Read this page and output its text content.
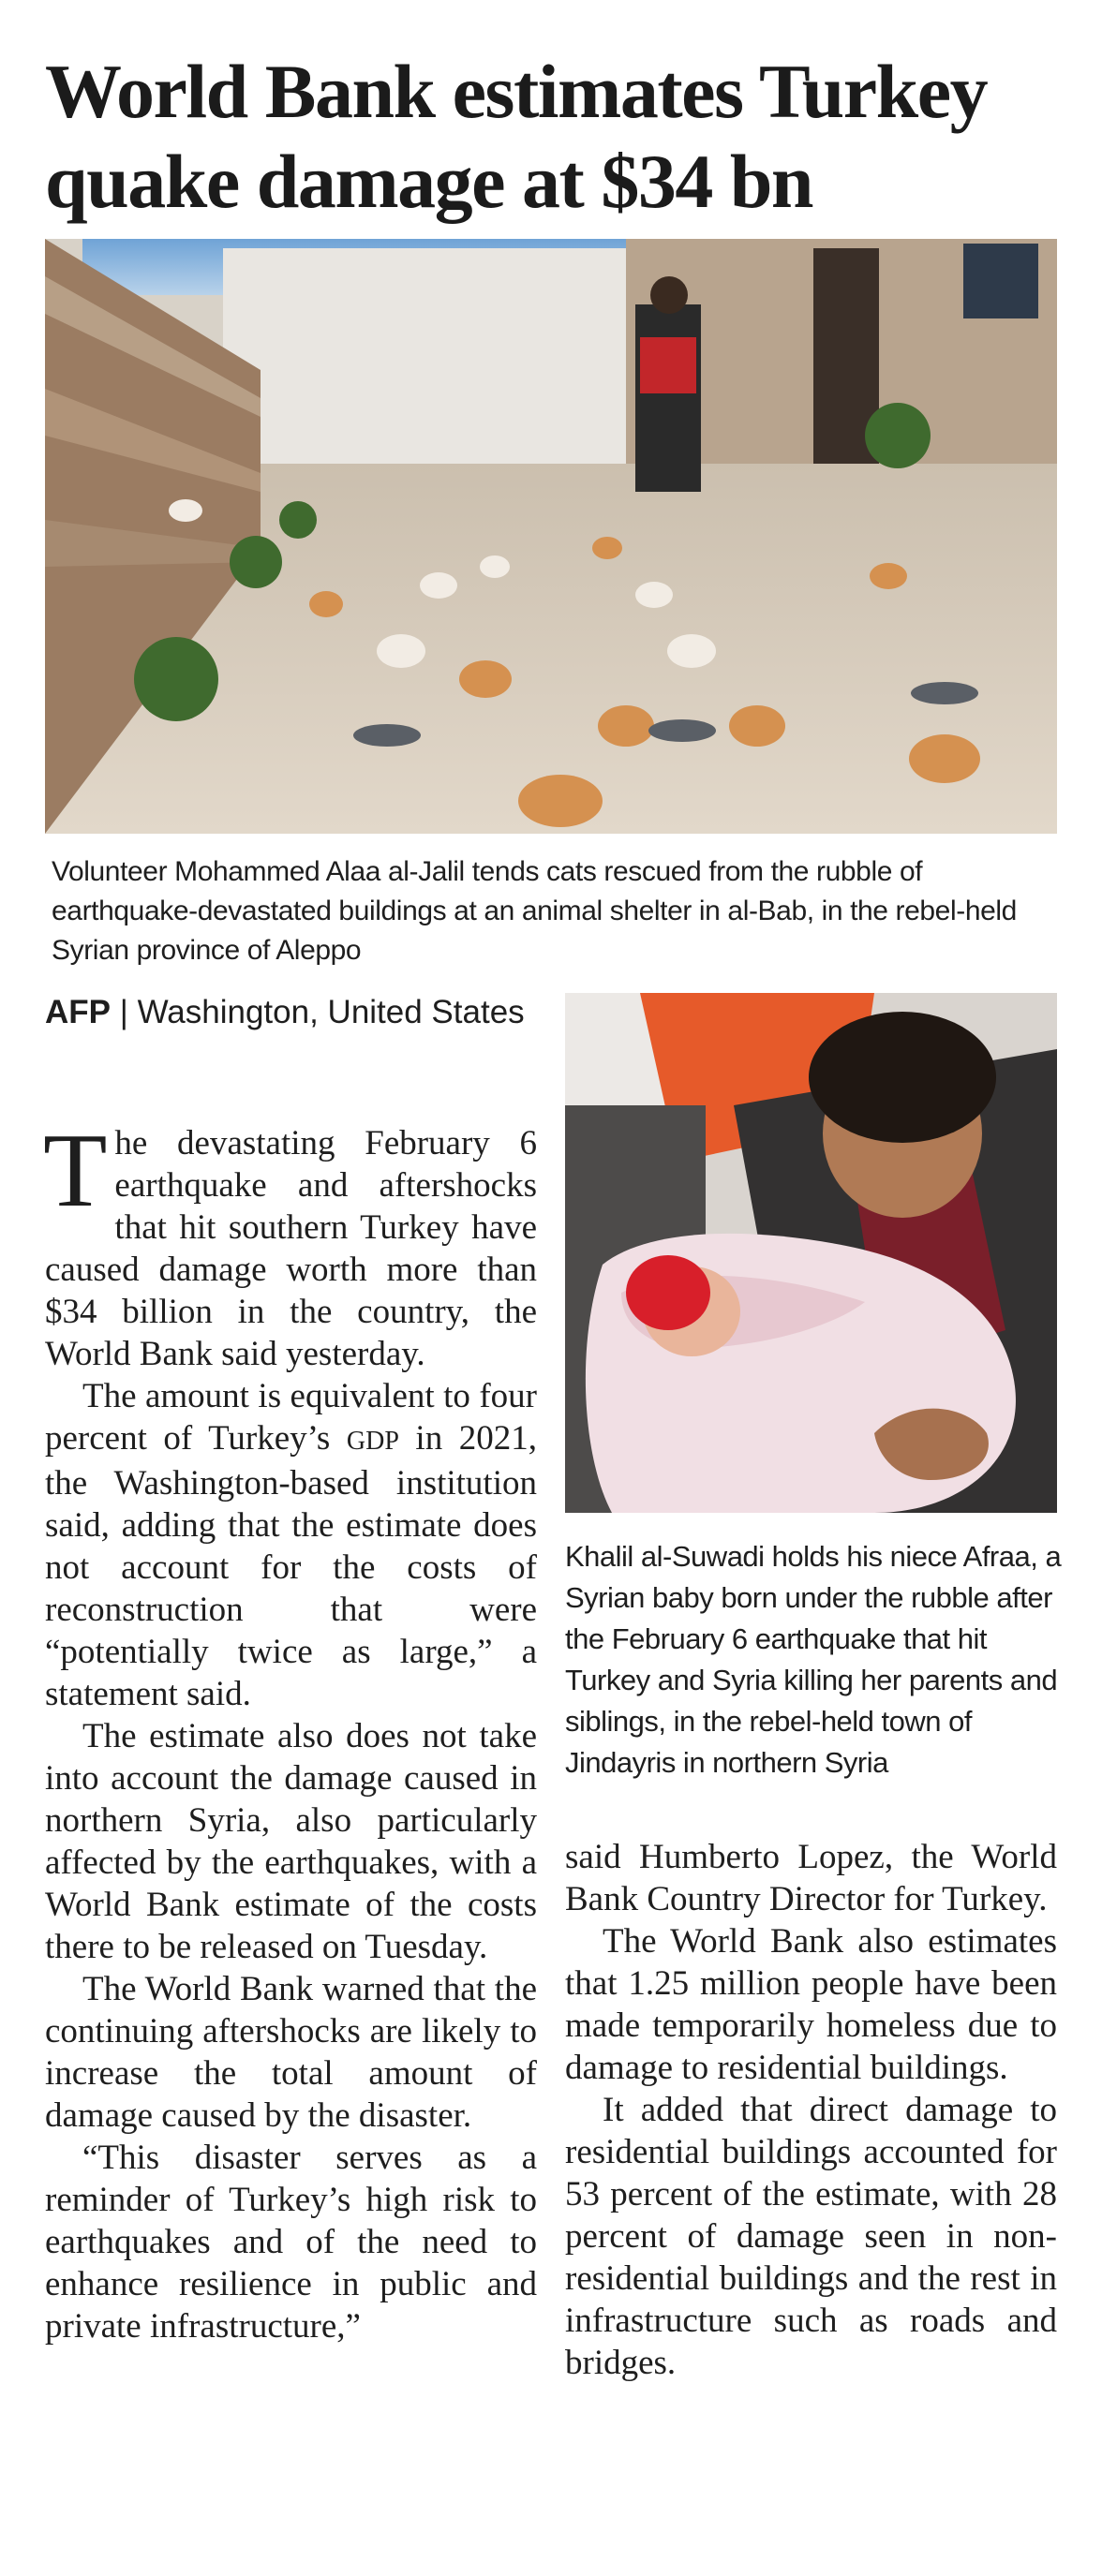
World Bank estimates Turkey quake damage at $34 bn
Volunteer Mohammed Alaa al-Jalil tends cats rescued from the rubble of earthquake-devastated buildings at an animal shelter in al-Bab, in the rebel-held Syrian province of Aleppo
AFP | Washington, United States
Khalil al-Suwadi holds his niece Afraa, a Syrian baby born under the rubble after the February 6 earthquake that hit Turkey and Syria killing her parents and siblings, in the rebel-held town of Jindayris in northern Syria

The devastating February 6 earthquake and aftershocks that hit southern Turkey have caused damage worth more than $34 billion in the country, the World Bank said yesterday.

The amount is equivalent to four percent of Turkey’s GDP in 2021, the Washington-based institution said, adding that the estimate does not account for the costs of reconstruction that were “potentially twice as large,” a statement said.

The estimate also does not take into account the damage caused in northern Syria, also particularly affected by the earthquakes, with a World Bank estimate of the costs there to be released on Tuesday.

The World Bank warned that the continuing aftershocks are likely to increase the total amount of damage caused by the disaster.

“This disaster serves as a reminder of Turkey’s high risk to earthquakes and of the need to enhance resilience in public and private infrastructure,”

said Humberto Lopez, the World Bank Country Director for Turkey.

The World Bank also estimates that 1.25 million people have been made temporarily homeless due to damage to residential buildings.

It added that direct damage to residential buildings accounted for 53 percent of the estimate, with 28 percent of damage seen in non-residential buildings and the rest in infrastructure such as roads and bridges.
